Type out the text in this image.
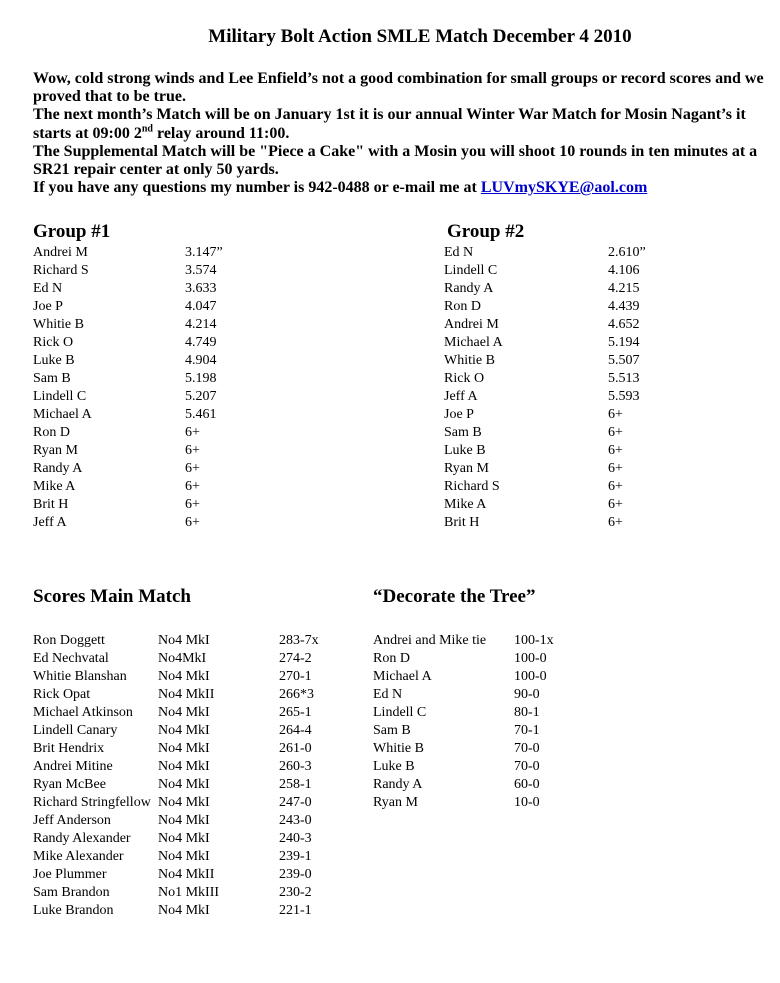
Military Bolt Action SMLE Match December 4 2010

Wow, cold strong winds and Lee Enfield’s not a good combination for small groups or record scores and we proved that to be true.

The next month’s Match will be on January 1st it is our annual Winter War Match for Mosin Nagant’s it starts at 09:00 2nd relay around 11:00.

The Supplemental Match will be "Piece a Cake" with a Mosin you will shoot 10 rounds in ten minutes at a SR21 repair center at only 50 yards.

If you have any questions my number is 942-0488 or e-mail me at LUVmySKYE@aol.com

Group #1
Andrei M	3.147”
Richard S	3.574
Ed N	3.633
Joe P	4.047
Whitie B	4.214
Rick O	4.749
Luke B	4.904
Sam B	5.198
Lindell C	5.207
Michael A	5.461
Ron D	6+
Ryan M	6+
Randy A	6+
Mike A	6+
Brit H	6+
Jeff A	6+
Group #2
Ed N	2.610”
Lindell C	4.106
Randy A	4.215
Ron D	4.439
Andrei M	4.652
Michael A	5.194
Whitie B	5.507
Rick O	5.513
Jeff A	5.593
Joe P	6+
Sam B	6+
Luke B	6+
Ryan M	6+
Richard S	6+
Mike A	6+
Brit H	6+
Scores Main Match
Ron Doggett	No4 MkI	283-7x
Ed Nechvatal	No4MkI	274-2
Whitie Blanshan No4 MkI	270-1
Rick Opat	No4 MkII	266*3
Michael Atkinson No4 MkI	265-1
Lindell Canary	No4 MkI	264-4
Brit Hendrix	No4 MkI	261-0
Andrei Mitine	No4 MkI	260-3
Ryan McBee	No4 MkI	258-1
Richard Stringfellow No4 MkI	247-0
Jeff Anderson	No4 MkI	243-0
Randy Alexander No4 MkI	240-3
Mike Alexander No4 MkI	239-1
Joe Plummer	No4 MkII	239-0
Sam Brandon	No1 MkIII	230-2
Luke Brandon	No4 MkI	221-1
“Decorate the Tree”
Andrei and Mike tie 100-1x
Ron D	100-0
Michael A	100-0
Ed N	90-0
Lindell C	80-1
Sam B	70-1
Whitie B	70-0
Luke B	70-0
Randy A	60-0
Ryan M	10-0
